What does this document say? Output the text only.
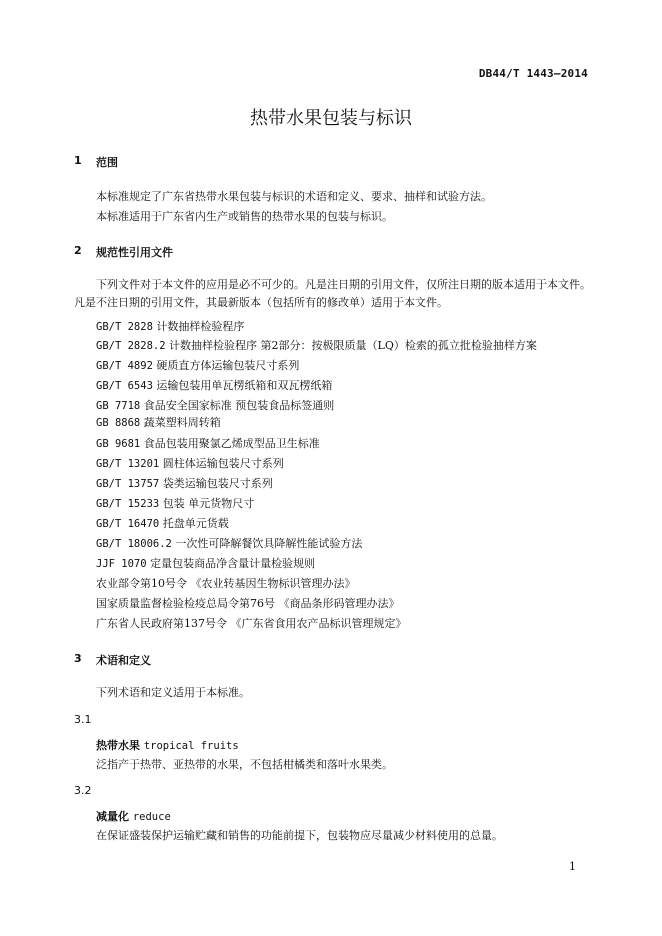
DB44/T 1443—2014
热带水果包装与标识
1 范围
本标准规定了广东省热带水果包装与标识的术语和定义、要求、抽样和试验方法。
本标准适用于广东省内生产或销售的热带水果的包装与标识。
2 规范性引用文件
下列文件对于本文件的应用是必不可少的。凡是注日期的引用文件，仅所注日期的版本适用于本文件。凡是不注日期的引用文件，其最新版本（包括所有的修改单）适用于本文件。
GB/T 2828 计数抽样检验程序
GB/T 2828.2 计数抽样检验程序 第2部分：按极限质量（LQ）检索的孤立批检验抽样方案
GB/T 4892 硬质直方体运输包装尺寸系列
GB/T 6543 运输包装用单瓦楞纸箱和双瓦楞纸箱
GB 7718 食品安全国家标准 预包装食品标签通则
GB 8868 蔬菜塑料周转箱
GB 9681 食品包装用聚氯乙烯成型品卫生标准
GB/T 13201 圆柱体运输包装尺寸系列
GB/T 13757 袋类运输包装尺寸系列
GB/T 15233 包装 单元货物尺寸
GB/T 16470 托盘单元货载
GB/T 18006.2 一次性可降解餐饮具降解性能试验方法
JJF 1070 定量包装商品净含量计量检验规则
农业部令第10号令 《农业转基因生物标识管理办法》
国家质量监督检验检疫总局令第76号 《商品条形码管理办法》
广东省人民政府第137号令 《广东省食用农产品标识管理规定》
3 术语和定义
下列术语和定义适用于本标准。
3.1
热带水果 tropical fruits
泛指产于热带、亚热带的水果，不包括柑橘类和落叶水果类。
3.2
减量化 reduce
在保证盛装保护运输贮藏和销售的功能前提下，包装物应尽量减少材料使用的总量。
1
